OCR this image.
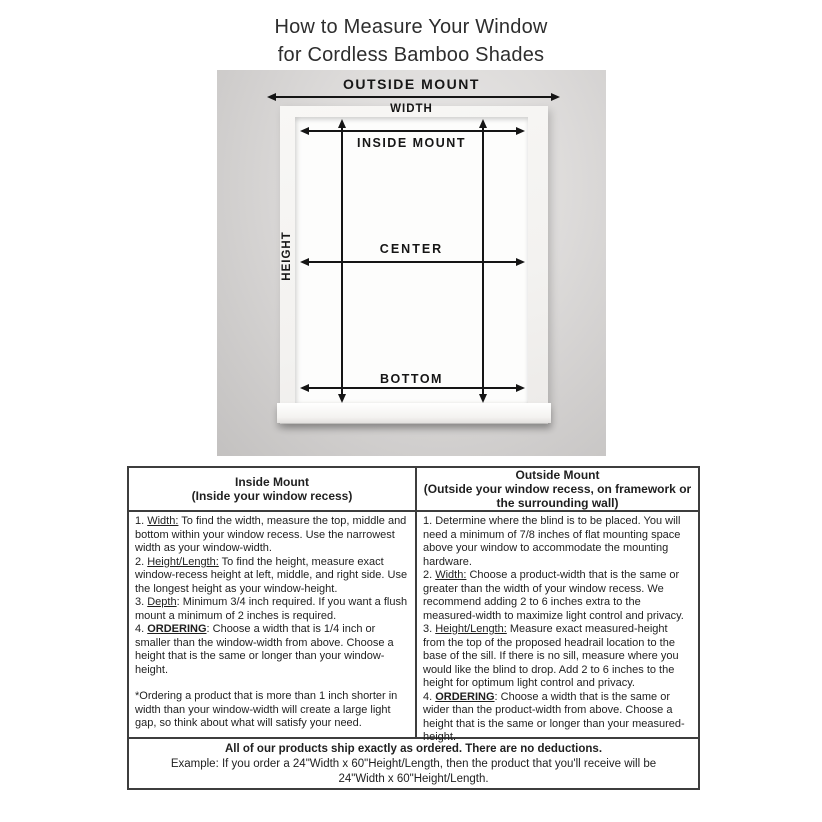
How to Measure Your Window
for Cordless Bamboo Shades
OUTSIDE MOUNT
WIDTH
INSIDE MOUNT
CENTER
BOTTOM
HEIGHT
Inside Mount
(Inside your window recess)
Outside Mount
(Outside your window recess, on framework or the surrounding wall)
1. Width: To find the width, measure the top, middle and bottom within your window recess. Use the narrowest width as your window-width.
2. Height/Length: To find the height, measure exact window-recess height at left, middle, and right side. Use the longest height as your window-height.
3. Depth: Minimum 3/4 inch required. If you want a flush mount a minimum of 2 inches is required.
4. ORDERING: Choose a width that is 1/4 inch or smaller than the window-width from above. Choose a height that is the same or longer than your window-height.
*Ordering a product that is more than 1 inch shorter in width than your window-width will create a large light gap, so think about what will satisfy your need.
1. Determine where the blind is to be placed. You will need a minimum of 7/8 inches of flat mounting space above your window to accommodate the mounting hardware.
2. Width: Choose a product-width that is the same or greater than the width of your window recess. We recommend adding 2 to 6 inches extra to the measured-width to maximize light control and privacy.
3. Height/Length: Measure exact measured-height from the top of the proposed headrail location to the base of the sill. If there is no sill, measure where you would like the blind to drop. Add 2 to 6 inches to the height for optimum light control and privacy.
4. ORDERING: Choose a width that is the same or wider than the product-width from above. Choose a height that is the same or longer than your measured-height.
All of our products ship exactly as ordered. There are no deductions.
Example: If you order a 24"Width x 60"Height/Length, then the product that you'll receive will be
24"Width x 60"Height/Length.
